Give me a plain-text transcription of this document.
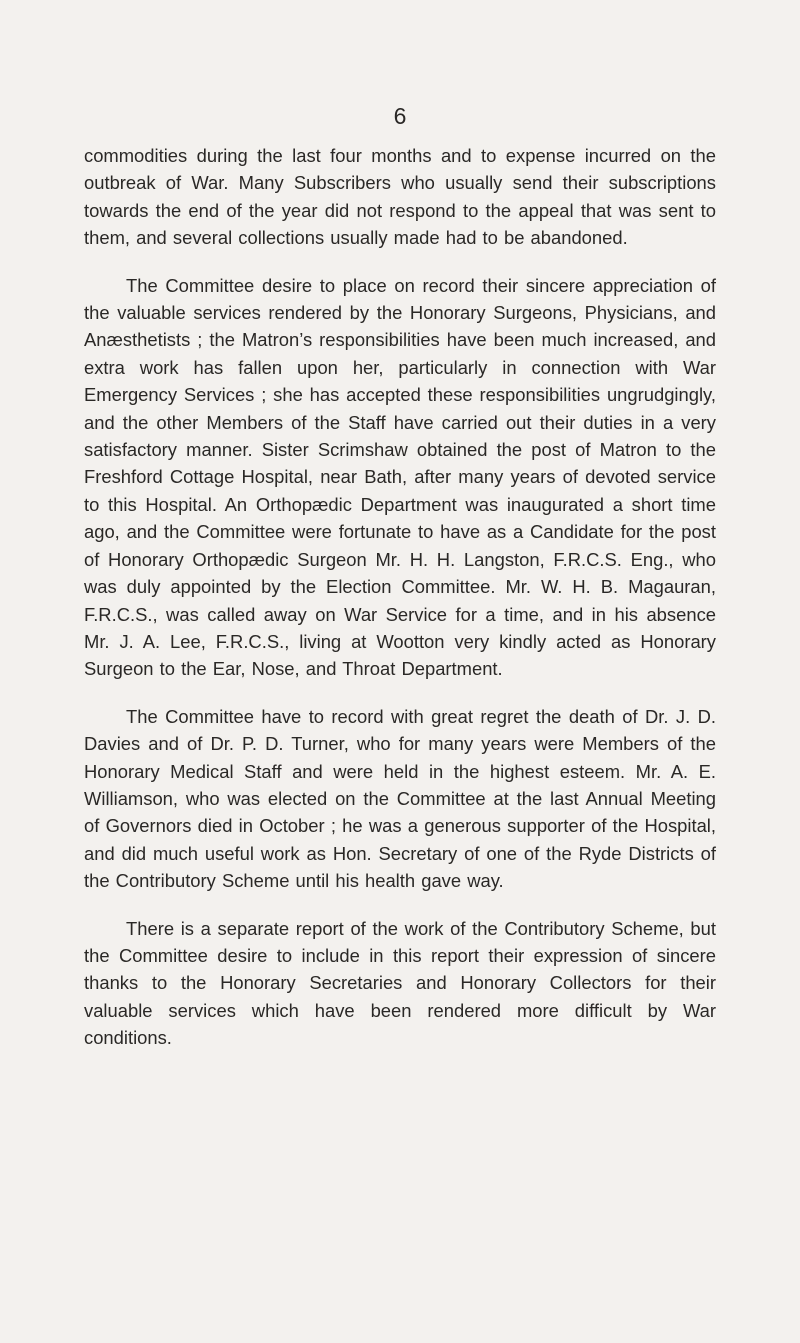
6

commodities during the last four months and to expense incurred on the outbreak of War. Many Subscribers who usually send their subscriptions towards the end of the year did not respond to the appeal that was sent to them, and several collections usually made had to be abandoned.

The Committee desire to place on record their sincere appreciation of the valuable services rendered by the Honorary Surgeons, Physicians, and Anæsthetists ; the Matron’s responsibilities have been much increased, and extra work has fallen upon her, particularly in connection with War Emergency Services ; she has accepted these responsibilities ungrudgingly, and the other Members of the Staff have carried out their duties in a very satisfactory manner. Sister Scrimshaw obtained the post of Matron to the Freshford Cottage Hospital, near Bath, after many years of devoted service to this Hospital. An Orthopædic Department was inaugurated a short time ago, and the Committee were fortunate to have as a Candidate for the post of Honorary Orthopædic Surgeon Mr. H. H. Langston, F.R.C.S. Eng., who was duly appointed by the Election Committee. Mr. W. H. B. Magauran, F.R.C.S., was called away on War Service for a time, and in his absence Mr. J. A. Lee, F.R.C.S., living at Wootton very kindly acted as Honorary Surgeon to the Ear, Nose, and Throat Department.

The Committee have to record with great regret the death of Dr. J. D. Davies and of Dr. P. D. Turner, who for many years were Members of the Honorary Medical Staff and were held in the highest esteem. Mr. A. E. Williamson, who was elected on the Committee at the last Annual Meeting of Governors died in October ; he was a generous supporter of the Hospital, and did much useful work as Hon. Secretary of one of the Ryde Districts of the Contributory Scheme until his health gave way.

There is a separate report of the work of the Contributory Scheme, but the Committee desire to include in this report their expression of sincere thanks to the Honorary Secretaries and Honorary Collectors for their valuable services which have been rendered more difficult by War conditions.
